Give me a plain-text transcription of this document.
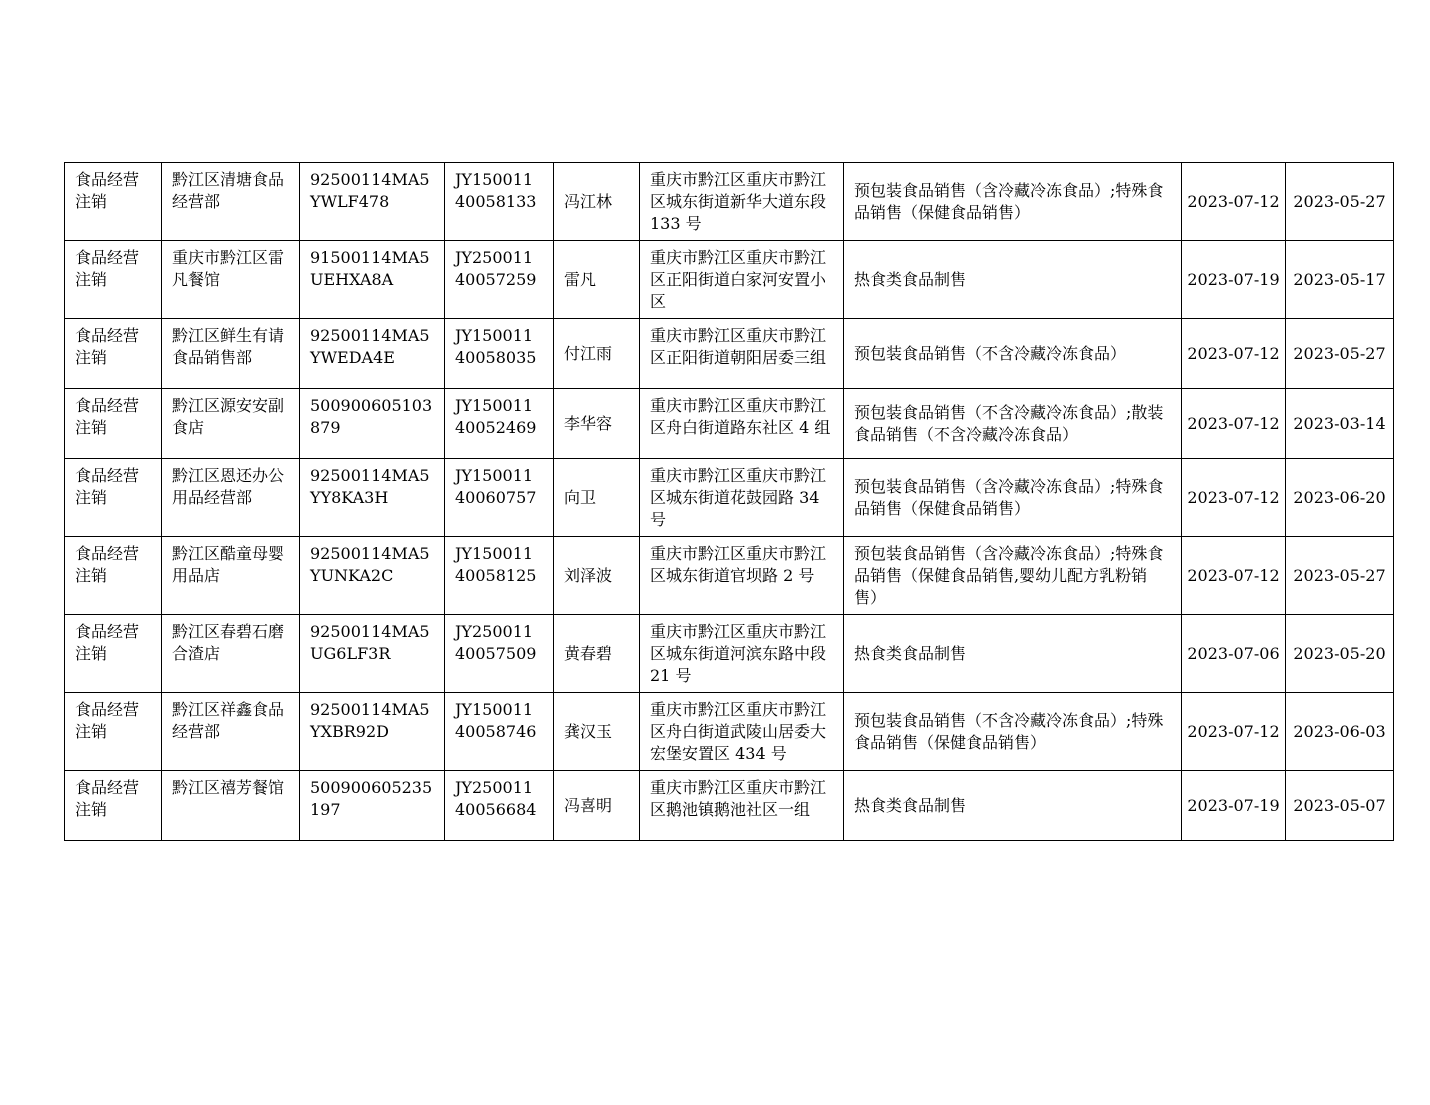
食品经营注销	黔江区清塘食品经营部	92500114MA5YWLF478	JY15001140058133	冯江林	重庆市黔江区重庆市黔江区城东街道新华大道东段 133 号	预包装食品销售（含冷藏冷冻食品）;特殊食品销售（保健食品销售）	2023-07-12	2023-05-27
食品经营注销	重庆市黔江区雷凡餐馆	91500114MA5UEHXA8A	JY25001140057259	雷凡	重庆市黔江区重庆市黔江区正阳街道白家河安置小区	热食类食品制售	2023-07-19	2023-05-17
食品经营注销	黔江区鲜生有请食品销售部	92500114MA5YWEDA4E	JY15001140058035	付江雨	重庆市黔江区重庆市黔江区正阳街道朝阳居委三组	预包装食品销售（不含冷藏冷冻食品）	2023-07-12	2023-05-27
食品经营注销	黔江区源安安副食店	500900605103879	JY15001140052469	李华容	重庆市黔江区重庆市黔江区舟白街道路东社区 4 组	预包装食品销售（不含冷藏冷冻食品）;散装食品销售（不含冷藏冷冻食品）	2023-07-12	2023-03-14
食品经营注销	黔江区恩还办公用品经营部	92500114MA5YY8KA3H	JY15001140060757	向卫	重庆市黔江区重庆市黔江区城东街道花鼓园路 34 号	预包装食品销售（含冷藏冷冻食品）;特殊食品销售（保健食品销售）	2023-07-12	2023-06-20
食品经营注销	黔江区酷童母婴用品店	92500114MA5YUNKA2C	JY15001140058125	刘泽波	重庆市黔江区重庆市黔江区城东街道官坝路 2 号	预包装食品销售（含冷藏冷冻食品）;特殊食品销售（保健食品销售,婴幼儿配方乳粉销售）	2023-07-12	2023-05-27
食品经营注销	黔江区春碧石磨合渣店	92500114MA5UG6LF3R	JY25001140057509	黄春碧	重庆市黔江区重庆市黔江区城东街道河滨东路中段 21 号	热食类食品制售	2023-07-06	2023-05-20
食品经营注销	黔江区祥鑫食品经营部	92500114MA5YXBR92D	JY15001140058746	龚汉玉	重庆市黔江区重庆市黔江区舟白街道武陵山居委大宏堡安置区 434 号	预包装食品销售（不含冷藏冷冻食品）;特殊食品销售（保健食品销售）	2023-07-12	2023-06-03
食品经营注销	黔江区禧芳餐馆	500900605235197	JY25001140056684	冯喜明	重庆市黔江区重庆市黔江区鹅池镇鹅池社区一组	热食类食品制售	2023-07-19	2023-05-07
